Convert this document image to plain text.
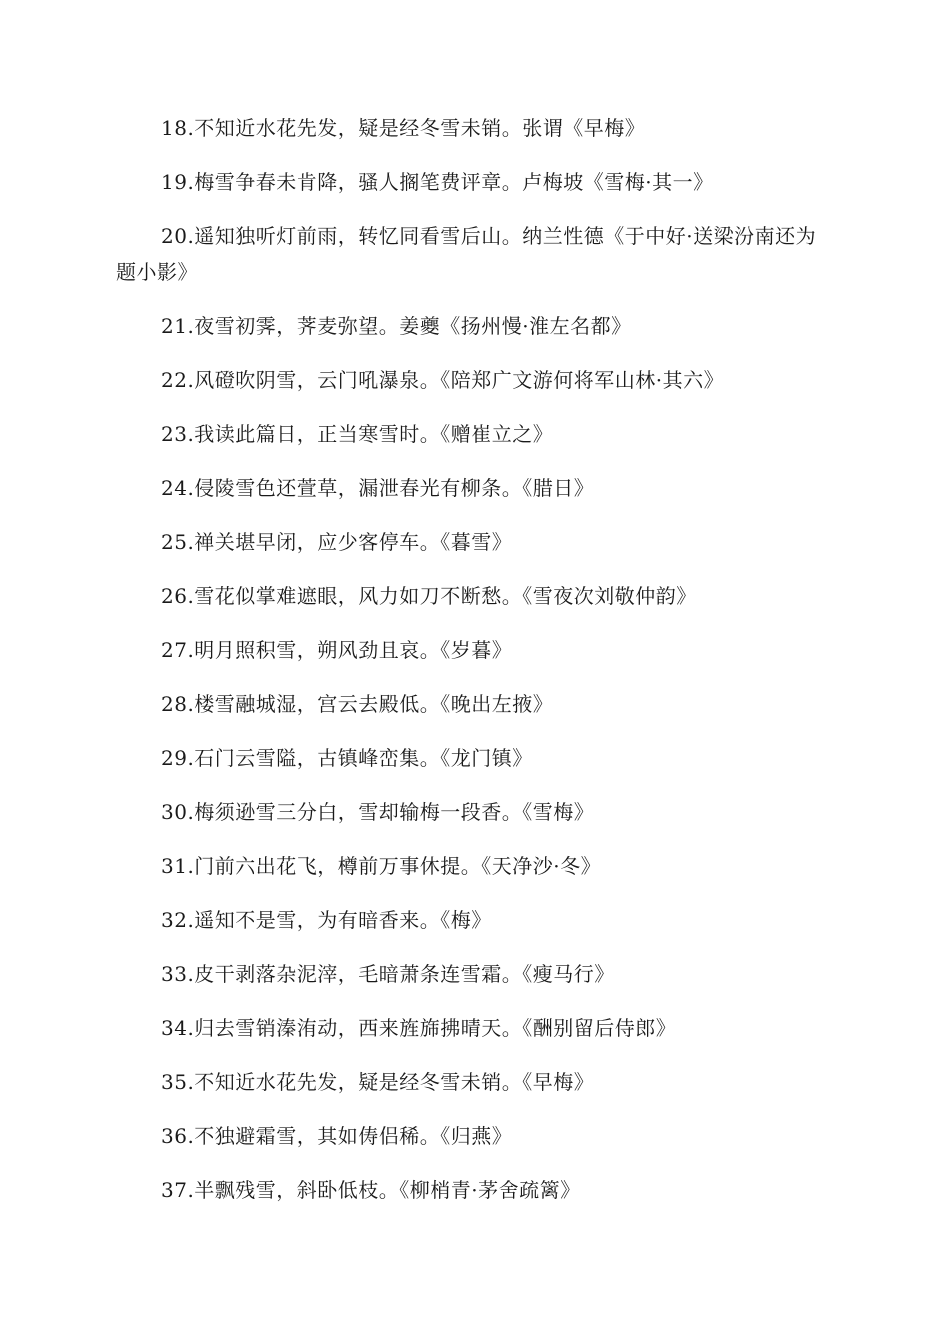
18.不知近水花先发，疑是经冬雪未销。张谓《早梅》

19.梅雪争春未肯降，骚人搁笔费评章。卢梅坡《雪梅·其一》

20.遥知独听灯前雨，转忆同看雪后山。纳兰性德《于中好·送梁汾南还为题小影》

21.夜雪初霁，荠麦弥望。姜夔《扬州慢·淮左名都》

22.风磴吹阴雪，云门吼瀑泉。《陪郑广文游何将军山林·其六》

23.我读此篇日，正当寒雪时。《赠崔立之》

24.侵陵雪色还萱草，漏泄春光有柳条。《腊日》

25.禅关堪早闭，应少客停车。《暮雪》

26.雪花似掌难遮眼，风力如刀不断愁。《雪夜次刘敬仲韵》

27.明月照积雪，朔风劲且哀。《岁暮》

28.楼雪融城湿，宫云去殿低。《晚出左掖》

29.石门云雪隘，古镇峰峦集。《龙门镇》

30.梅须逊雪三分白，雪却输梅一段香。《雪梅》

31.门前六出花飞，樽前万事休提。《天净沙·冬》

32.遥知不是雪，为有暗香来。《梅》

33.皮干剥落杂泥滓，毛暗萧条连雪霜。《瘦马行》

34.归去雪销溱洧动，西来旌旆拂晴天。《酬别留后侍郎》

35.不知近水花先发，疑是经冬雪未销。《早梅》

36.不独避霜雪，其如俦侣稀。《归燕》

37.半飘残雪，斜卧低枝。《柳梢青·茅舍疏篱》
